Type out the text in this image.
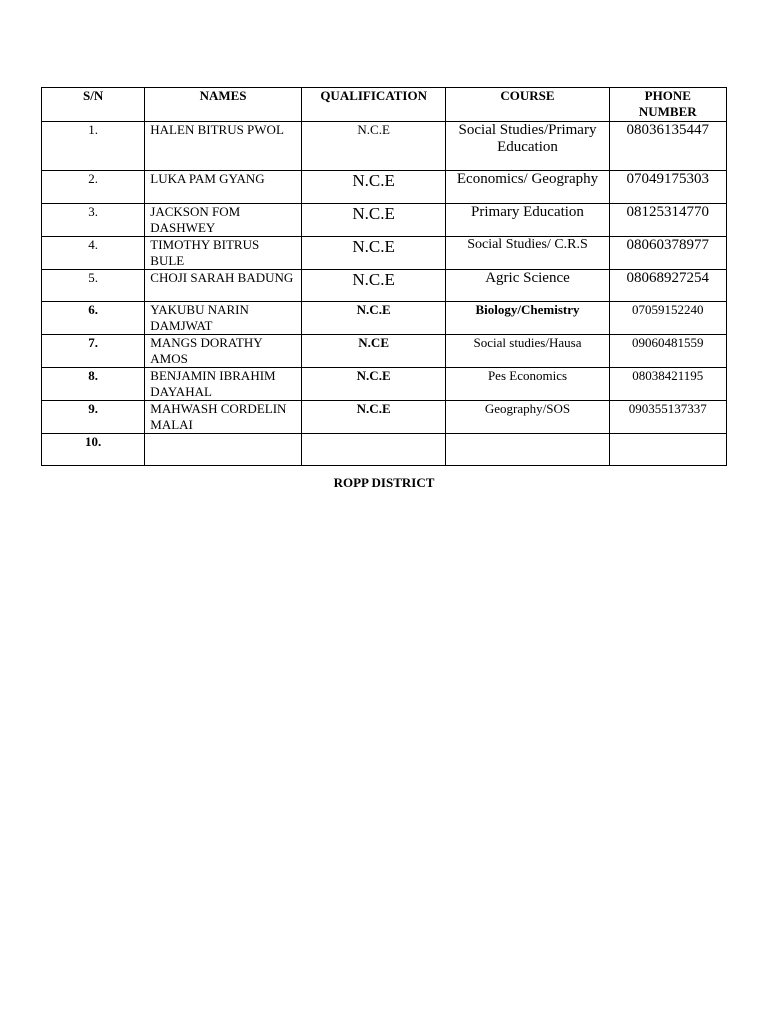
S/N	NAMES	QUALIFICATION	COURSE	PHONE NUMBER
1.	HALEN BITRUS PWOL	N.C.E	Social Studies/Primary Education	08036135447
2.	LUKA PAM GYANG	N.C.E	Economics/ Geography	07049175303
3.	JACKSON FOM DASHWEY	N.C.E	Primary Education	08125314770
4.	TIMOTHY BITRUS BULE	N.C.E	Social Studies/ C.R.S	08060378977
5.	CHOJI SARAH BADUNG	N.C.E	Agric Science	08068927254
6.	YAKUBU NARIN DAMJWAT	N.C.E	Biology/Chemistry	07059152240
7.	MANGS DORATHY AMOS	N.CE	Social studies/Hausa	09060481559
8.	BENJAMIN IBRAHIM DAYAHAL	N.C.E	Pes Economics	08038421195
9.	MAHWASH CORDELIN MALAI	N.C.E	Geography/SOS	090355137337
10.				
ROPP DISTRICT
